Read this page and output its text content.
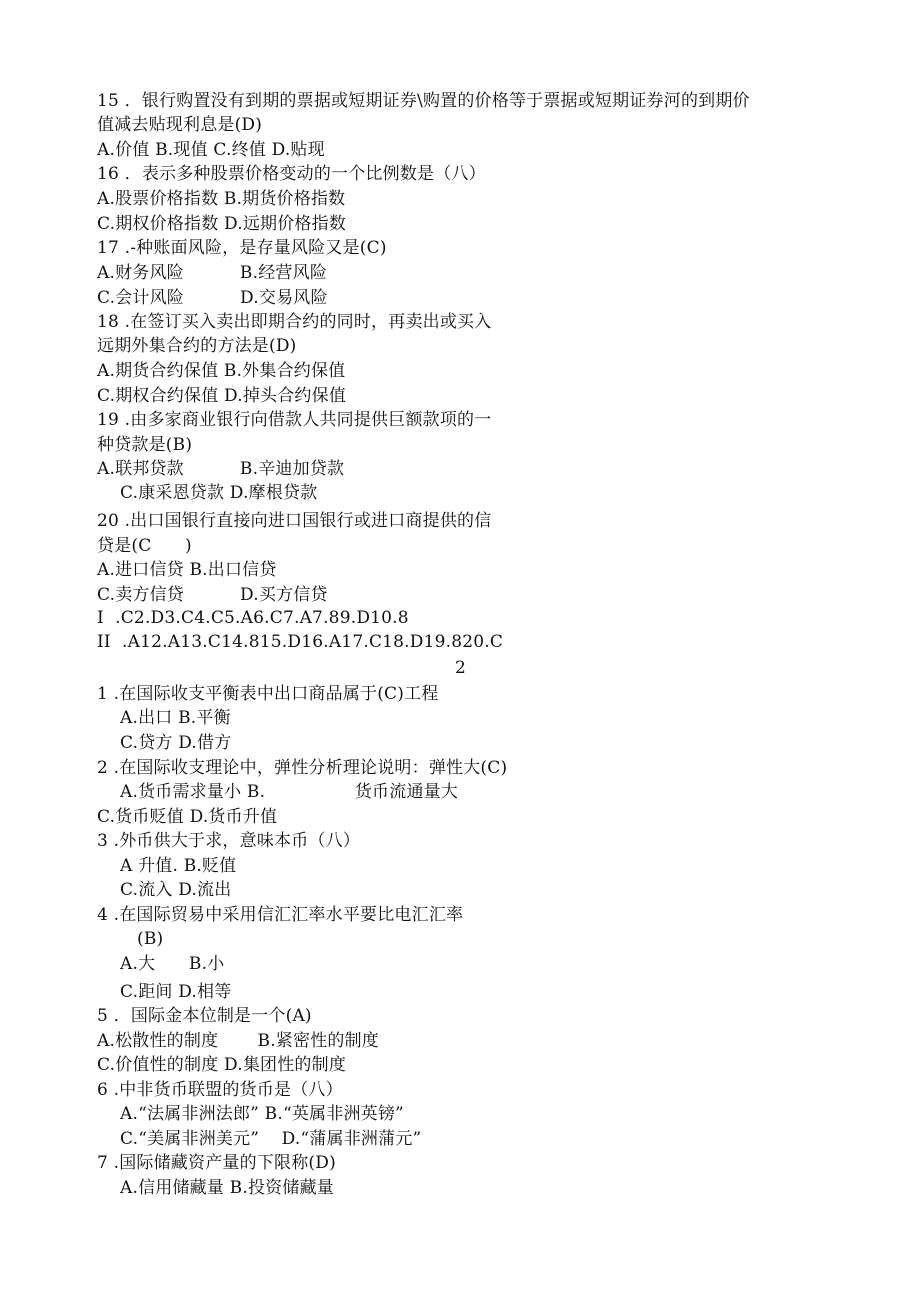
15 ．银行购置没有到期的票据或短期证券\购置的价格等于票据或短期证券河的到期价
值减去贴现利息是(D)
A.价值 B.现值 C.终值 D.贴现
16 ．表示多种股票价格变动的一个比例数是（八）
A.股票价格指数 B.期货价格指数
C.期权价格指数 D.远期价格指数
17 .-种账面风险，是存量风险又是(C)
A.财务风险          B.经营风险
C.会计风险          D.交易风险
18 .在签订买入卖出即期合约的同时，再卖出或买入
远期外集合约的方法是(D)
A.期货合约保值 B.外集合约保值
C.期权合约保值 D.掉头合约保值
19 .由多家商业银行向借款人共同提供巨额款项的一
种贷款是(B)
A.联邦贷款          B.辛迪加贷款
C.康采恩贷款 D.摩根贷款
20 .出口国银行直接向进口国银行或进口商提供的信
贷是(C      )
A.进口信贷 B.出口信贷
C.卖方信贷          D.买方信贷
I  .C2.D3.C4.C5.A6.C7.A7.89.D10.8
II  .A12.A13.C14.815.D16.A17.C18.D19.820.C
2
1 .在国际收支平衡表中出口商品属于(C)工程
A.出口 B.平衡
C.贷方 D.借方
2 .在国际收支理论中，弹性分析理论说明：弹性大(C)
A.货币需求量小 B.                货币流通量大
C.货币贬值 D.货币升值
3 .外币供大于求，意味本币（八）
A 升值. B.贬值
C.流入 D.流出
4 .在国际贸易中采用信汇汇率水平要比电汇汇率
(B)
A.大      B.小
C.距间 D.相等
5 ．国际金本位制是一个(A)
A.松散性的制度       B.紧密性的制度
C.价值性的制度 D.集团性的制度
6 .中非货币联盟的货币是（八）
A.“法属非洲法郎” B.“英属非洲英镑”
C.“美属非洲美元”    D.“蒲属非洲蒲元”
7 .国际储藏资产量的下限称(D)
A.信用储藏量 B.投资储藏量
